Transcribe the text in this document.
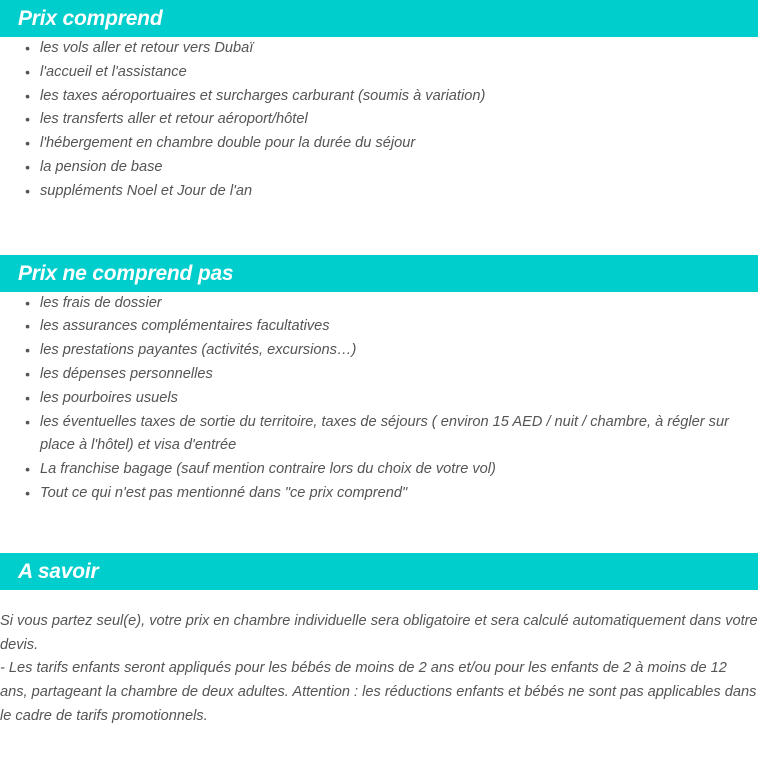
Prix comprend
• les vols aller et retour vers Dubaï
• l'accueil et l'assistance
• les taxes aéroportuaires et surcharges carburant (soumis à variation)
• les transferts aller et retour aéroport/hôtel
• l'hébergement en chambre double pour la durée du séjour
• la pension de base
• suppléments Noel et Jour de l'an
Prix ne comprend pas
• les frais de dossier
• les assurances complémentaires facultatives
• les prestations payantes (activités, excursions…)
• les dépenses personnelles
• les pourboires usuels
• les éventuelles taxes de sortie du territoire, taxes de séjours ( environ 15 AED / nuit / chambre, à régler sur place à l'hôtel) et visa d'entrée
• La franchise bagage (sauf mention contraire lors du choix de votre vol)
• Tout ce qui n'est pas mentionné dans "ce prix comprend"
A savoir

Si vous partez seul(e), votre prix en chambre individuelle sera obligatoire et sera calculé automatiquement dans votre devis.

- Les tarifs enfants seront appliqués pour les bébés de moins de 2 ans et/ou pour les enfants de 2 à moins de 12 ans, partageant la chambre de deux adultes. Attention : les réductions enfants et bébés ne sont pas applicables dans le cadre de tarifs promotionnels.
